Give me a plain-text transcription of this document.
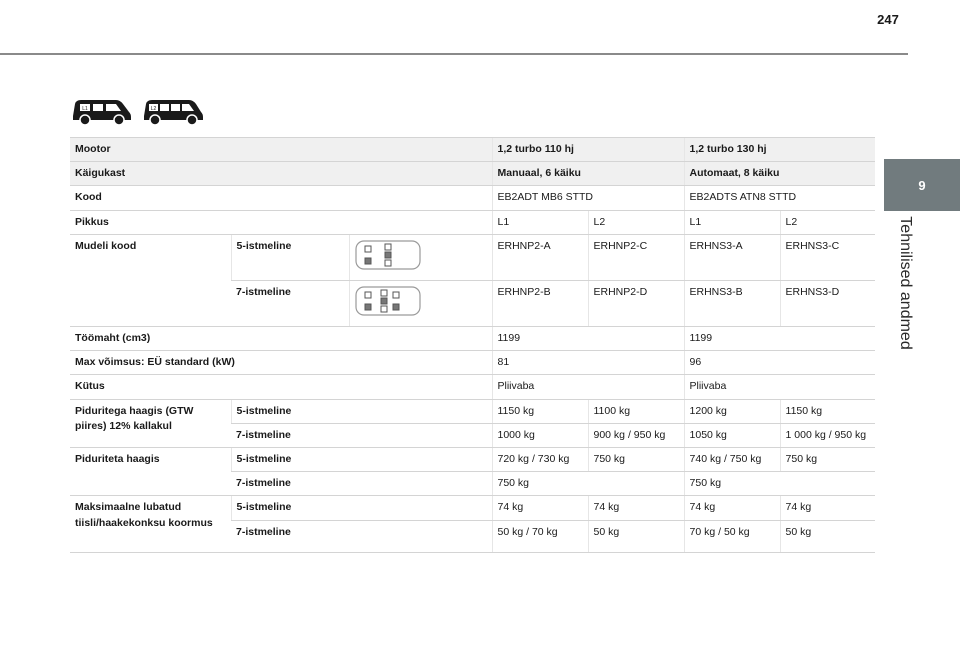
247
9
Tehnilised andmed
L1	L2
Mootor			1,2 turbo 110 hj		1,2 turbo 130 hj	
Käigukast			Manuaal, 6 käiku		Automaat, 8 käiku	
Kood			EB2ADT MB6 STTD		EB2ADTS ATN8 STTD	
Pikkus			L1	L2	L1	L2
Mudeli kood	5-istmeline		ERHNP2-A	ERHNP2-C	ERHNS3-A	ERHNS3-C
	7-istmeline		ERHNP2-B	ERHNP2-D	ERHNS3-B	ERHNS3-D
Töömaht (cm3)			1199		1199	
Max võimsus: EÜ standard (kW)			81		96	
Kütus			Pliivaba		Pliivaba	
Piduritega haagis (GTW piires) 12% kallakul	5-istmeline		1150 kg	1100 kg	1200 kg	1150 kg
	7-istmeline		1000 kg	900 kg / 950 kg	1050 kg	1 000 kg / 950 kg
Piduriteta haagis	5-istmeline		720 kg / 730 kg	750 kg	740 kg / 750 kg	750 kg
	7-istmeline		750 kg		750 kg	
Maksimaalne lubatud tiisli/haakekonksu koormus	5-istmeline		74 kg	74 kg	74 kg	74 kg
	7-istmeline		50 kg / 70 kg	50 kg	70 kg / 50 kg	50 kg
